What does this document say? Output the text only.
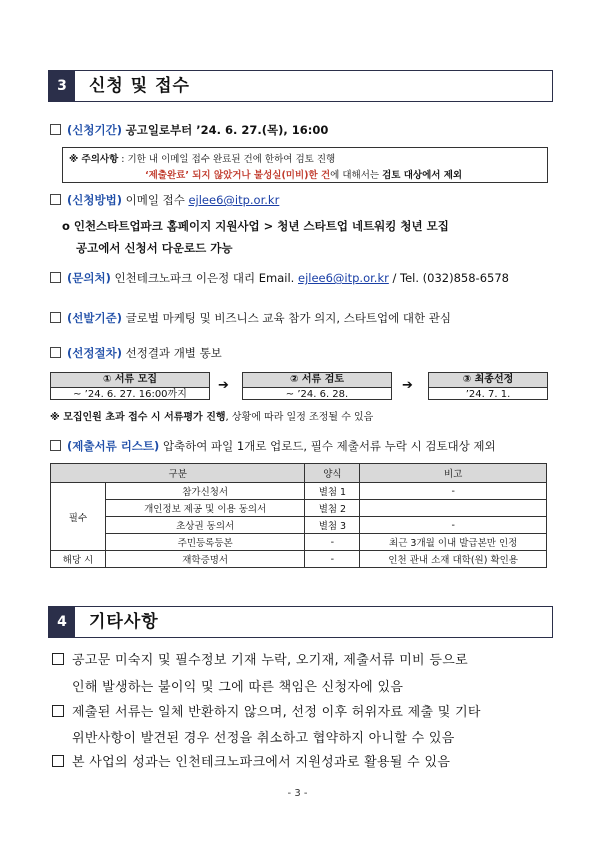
3	신청 및 접수
(신청기간) 공고일로부터 ’24. 6. 27.(목), 16:00
※ 주의사항 : 기한 내 이메일 접수 완료된 건에 한하여 검토 진행
‘제출완료’ 되지 않았거나 불성실(미비)한 건에 대해서는 검토 대상에서 제외
(신청방법) 이메일 접수 ejlee6@itp.or.kr
o 인천스타트업파크 홈페이지 지원사업 > 청년 스타트업 네트워킹 청년 모집
공고에서 신청서 다운로드 가능
(문의처) 인천테크노파크 이은정 대리 Email. ejlee6@itp.or.kr / Tel. (032)858-6578
(선발기준) 글로벌 마케팅 및 비즈니스 교육 참가 의지, 스타트업에 대한 관심
(선정절차) 선정결과 개별 통보
① 서류 모집
~ ’24. 6. 27. 16:00까지
➔	② 서류 검토
~ ’24. 6. 28.
➔	③ 최종선정
’24. 7. 1.
※ 모집인원 초과 접수 시 서류평가 진행, 상황에 따라 일정 조정될 수 있음
(제출서류 리스트) 압축하여 파일 1개로 업로드, 필수 제출서류 누락 시 검토대상 제외
구분		양식	비고
필수	참가신청서	별첨 1	-
	개인정보 제공 및 이용 동의서	별첨 2	
	초상권 동의서	별첨 3	-
	주민등록등본	-	최근 3개월 이내 발급본만 인정
해당 시	재학증명서	-	인천 관내 소재 대학(원) 확인용
4	기타사항
공고문 미숙지 및 필수정보 기재 누락, 오기재, 제출서류 미비 등으로
인해 발생하는 불이익 및 그에 따른 책임은 신청자에 있음
제출된 서류는 일체 반환하지 않으며, 선정 이후 허위자료 제출 및 기타
위반사항이 발견된 경우 선정을 취소하고 협약하지 아니할 수 있음
본 사업의 성과는 인천테크노파크에서 지원성과로 활용될 수 있음
- 3 -
